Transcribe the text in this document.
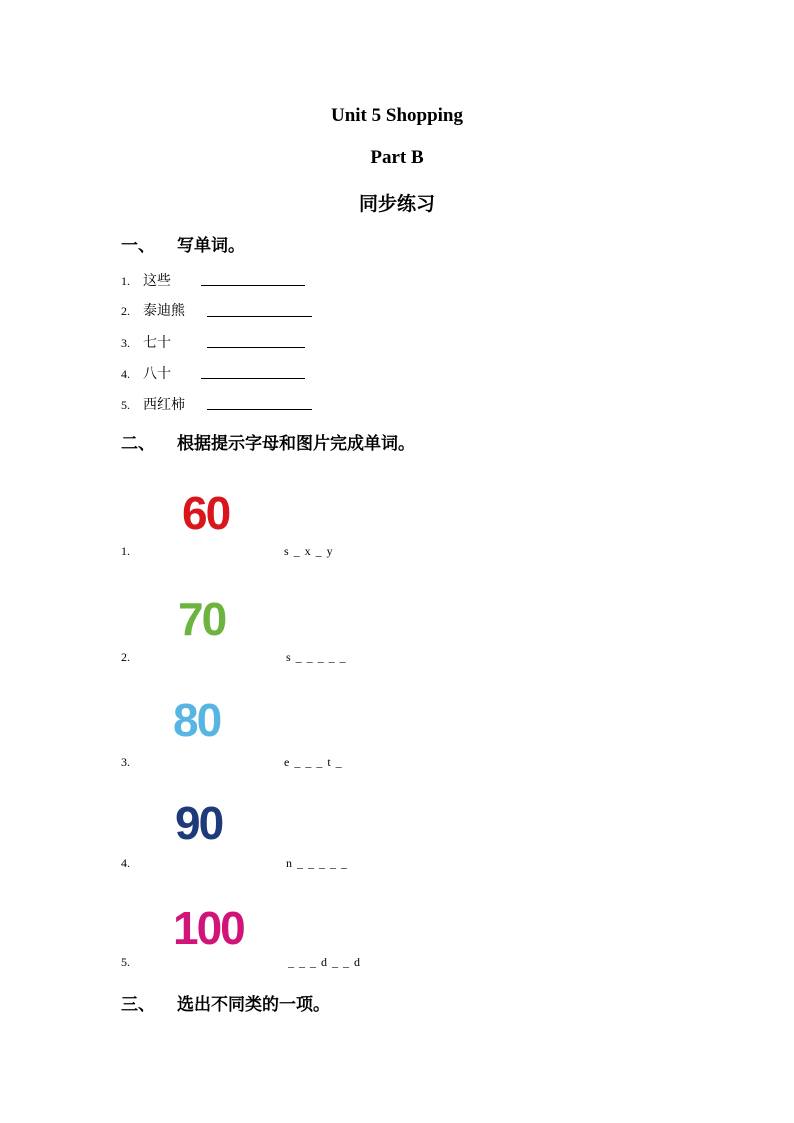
Unit 5 Shopping
Part B
同步练习
一、 写单词。
1. 这些
2. 泰迪熊
3. 七十
4. 八十
5. 西红柿
二、 根据提示字母和图片完成单词。
60
1.	s _ x _ y
70
2.	s _ _ _ _ _
80
3.	e _ _ _ t _
90
4.	n _ _ _ _ _
100
5.	_ _ _ d _ _ d
三、 选出不同类的一项。
